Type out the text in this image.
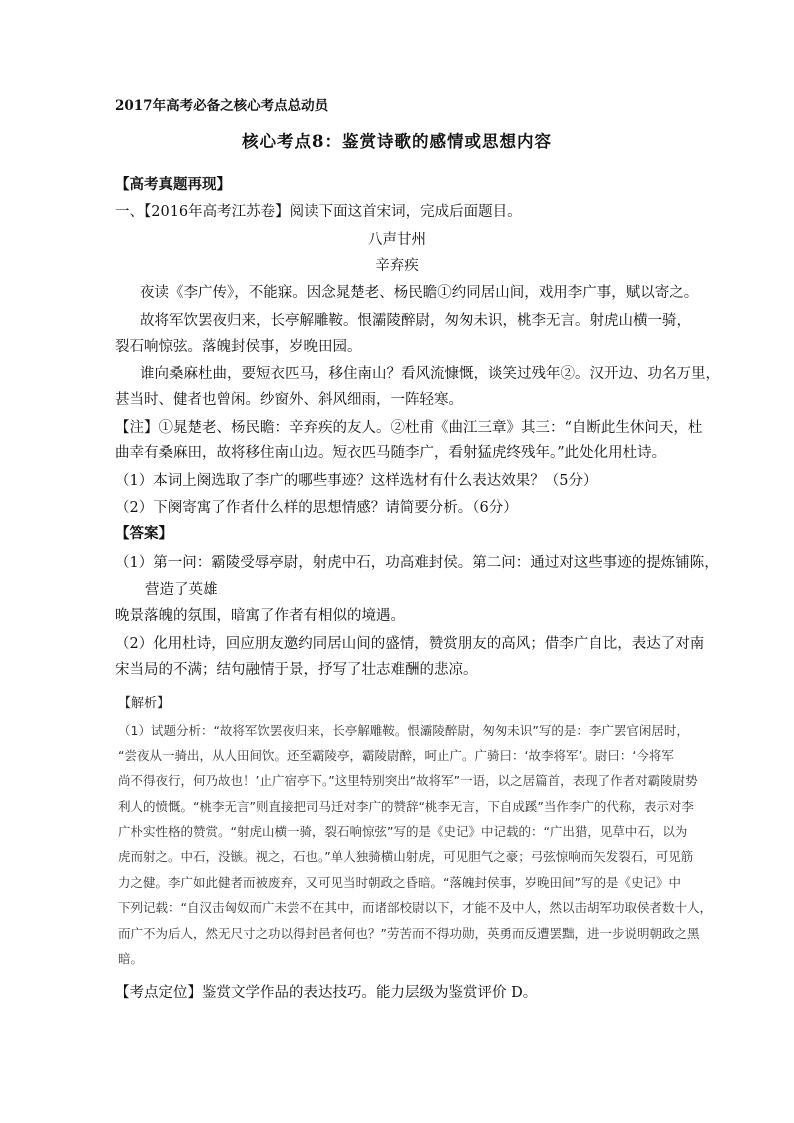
2017年高考必备之核心考点总动员
核心考点8：鉴赏诗歌的感情或思想内容
【高考真题再现】
一、【2016年高考江苏卷】阅读下面这首宋词，完成后面题目。
八声甘州
辛弃疾
夜读《李广传》，不能寐。因念晁楚老、杨民瞻①约同居山间，戏用李广事，赋以寄之。
故将军饮罢夜归来，长亭解雕鞍。恨灞陵醉尉，匆匆未识，桃李无言。射虎山横一骑，
裂石响惊弦。落魄封侯事，岁晚田园。
谁向桑麻杜曲，要短衣匹马，移住南山？看风流慷慨，谈笑过残年②。汉开边、功名万里，
甚当时、健者也曾闲。纱窗外、斜风细雨，一阵轻寒。
【注】①晁楚老、杨民瞻：辛弃疾的友人。②杜甫《曲江三章》其三：“自断此生休问天，杜
曲幸有桑麻田，故将移住南山边。短衣匹马随李广，看射猛虎终残年。”此处化用杜诗。
（1）本词上阕选取了李广的哪些事迹？这样选材有什么表达效果？（5分）
（2）下阕寄寓了作者什么样的思想情感？请简要分析。（6分）
【答案】
（1）第一问：霸陵受辱亭尉，射虎中石，功高难封侯。第二问：通过对这些事迹的提炼铺陈，
营造了英雄
晚景落魄的氛围，暗寓了作者有相似的境遇。
（2）化用杜诗，回应朋友邀约同居山间的盛情，赞赏朋友的高风；借李广自比，表达了对南
宋当局的不满；结句融情于景，抒写了壮志难酬的悲凉。
【解析】
（1）试题分析：“故将军饮罢夜归来，长亭解雕鞍。恨灞陵醉尉，匆匆未识”写的是：李广罢官闲居时，
“尝夜从一骑出，从人田间饮。还至霸陵亭，霸陵尉醉，呵止广。广骑曰：‘故李将军’。尉曰：‘今将军
尚不得夜行，何乃故也！’止广宿亭下。”这里特别突出“故将军”一语，以之居篇首，表现了作者对霸陵尉势
利人的愤慨。“桃李无言”则直接把司马迁对李广的赞辞“桃李无言，下自成蹊”当作李广的代称，表示对李
广朴实性格的赞赏。“射虎山横一骑，裂石响惊弦”写的是《史记》中记载的：“广出猎，见草中石，以为
虎而射之。中石，没镞。视之，石也。”单人独骑横山射虎，可见胆气之豪；弓弦惊响而矢发裂石，可见筋
力之健。李广如此健者而被废弃，又可见当时朝政之昏暗。“落魄封侯事，岁晚田间”写的是《史记》中
下列记载：“自汉击匈奴而广未尝不在其中，而诸部校尉以下，才能不及中人，然以击胡军功取侯者数十人，
而广不为后人，然无尺寸之功以得封邑者何也？”劳苦而不得功勋，英勇而反遭罢黜，进一步说明朝政之黑
暗。
【考点定位】鉴赏文学作品的表达技巧。能力层级为鉴赏评价 D。
